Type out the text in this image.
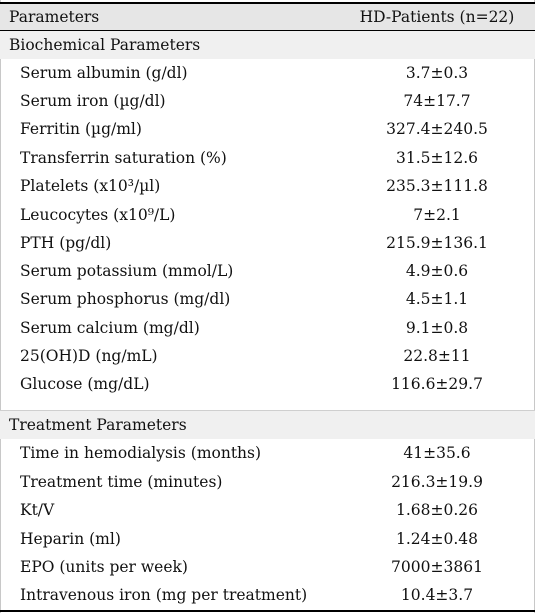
Parameters	HD-Patients (n=22)
Biochemical Parameters
Serum albumin (g/dl)	3.7±0.3
Serum iron (µg/dl)	74±17.7
Ferritin (µg/ml)	327.4±240.5
Transferrin saturation (%)	31.5±12.6
Platelets (x10³/µl)	235.3±111.8
Leucocytes (x10⁹/L)	7±2.1
PTH (pg/dl)	215.9±136.1
Serum potassium (mmol/L)	4.9±0.6
Serum phosphorus (mg/dl)	4.5±1.1
Serum calcium (mg/dl)	9.1±0.8
25(OH)D (ng/mL)	22.8±11
Glucose (mg/dL)	116.6±29.7
Treatment Parameters
Time in hemodialysis (months)	41±35.6
Treatment time (minutes)	216.3±19.9
Kt/V	1.68±0.26
Heparin (ml)	1.24±0.48
EPO (units per week)	7000±3861
Intravenous iron (mg per treatment)	10.4±3.7
